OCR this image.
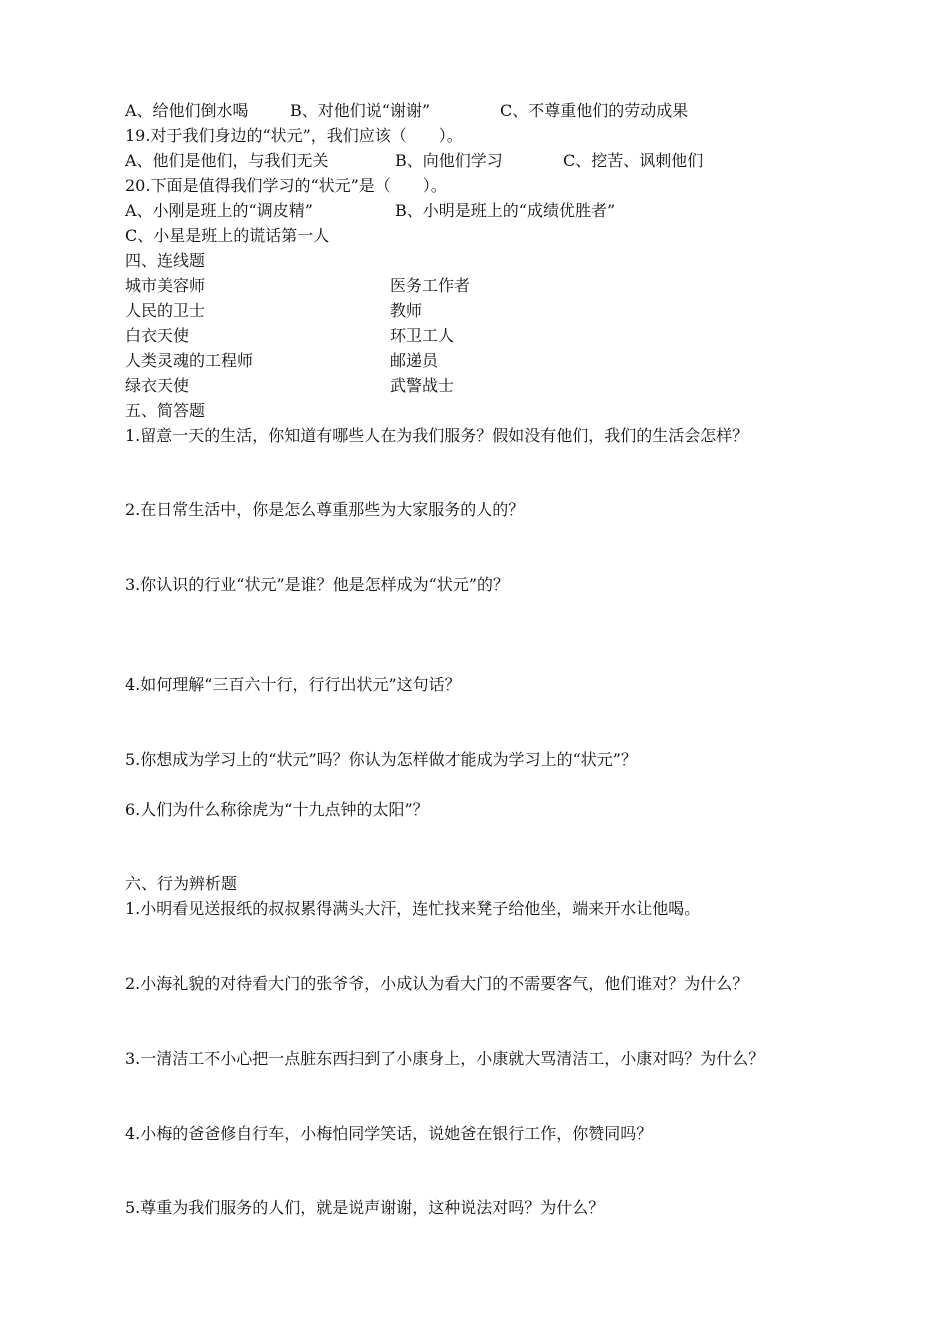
A、给他们倒水喝	B、对他们说“谢谢”	C、不尊重他们的劳动成果
19.对于我们身边的“状元”，我们应该（　　）。
A、他们是他们，与我们无关	B、向他们学习	C、挖苦、讽刺他们
20.下面是值得我们学习的“状元”是（　　）。
A、小刚是班上的“调皮精”	B、小明是班上的“成绩优胜者”
C、小星是班上的谎话第一人
四、连线题
城市美容师	医务工作者
人民的卫士	教师
白衣天使	环卫工人
人类灵魂的工程师	邮递员
绿衣天使	武警战士
五、简答题
1.留意一天的生活，你知道有哪些人在为我们服务？假如没有他们，我们的生活会怎样？
2.在日常生活中，你是怎么尊重那些为大家服务的人的？
3.你认识的行业“状元”是谁？他是怎样成为“状元”的？
4.如何理解“三百六十行，行行出状元”这句话？
5.你想成为学习上的“状元”吗？你认为怎样做才能成为学习上的“状元”？
6.人们为什么称徐虎为“十九点钟的太阳”？
六、行为辨析题
1.小明看见送报纸的叔叔累得满头大汗，连忙找来凳子给他坐，端来开水让他喝。
2.小海礼貌的对待看大门的张爷爷，小成认为看大门的不需要客气，他们谁对？为什么？
3.一清洁工不小心把一点脏东西扫到了小康身上，小康就大骂清洁工，小康对吗？为什么？
4.小梅的爸爸修自行车，小梅怕同学笑话，说她爸在银行工作，你赞同吗？
5.尊重为我们服务的人们，就是说声谢谢，这种说法对吗？为什么？
